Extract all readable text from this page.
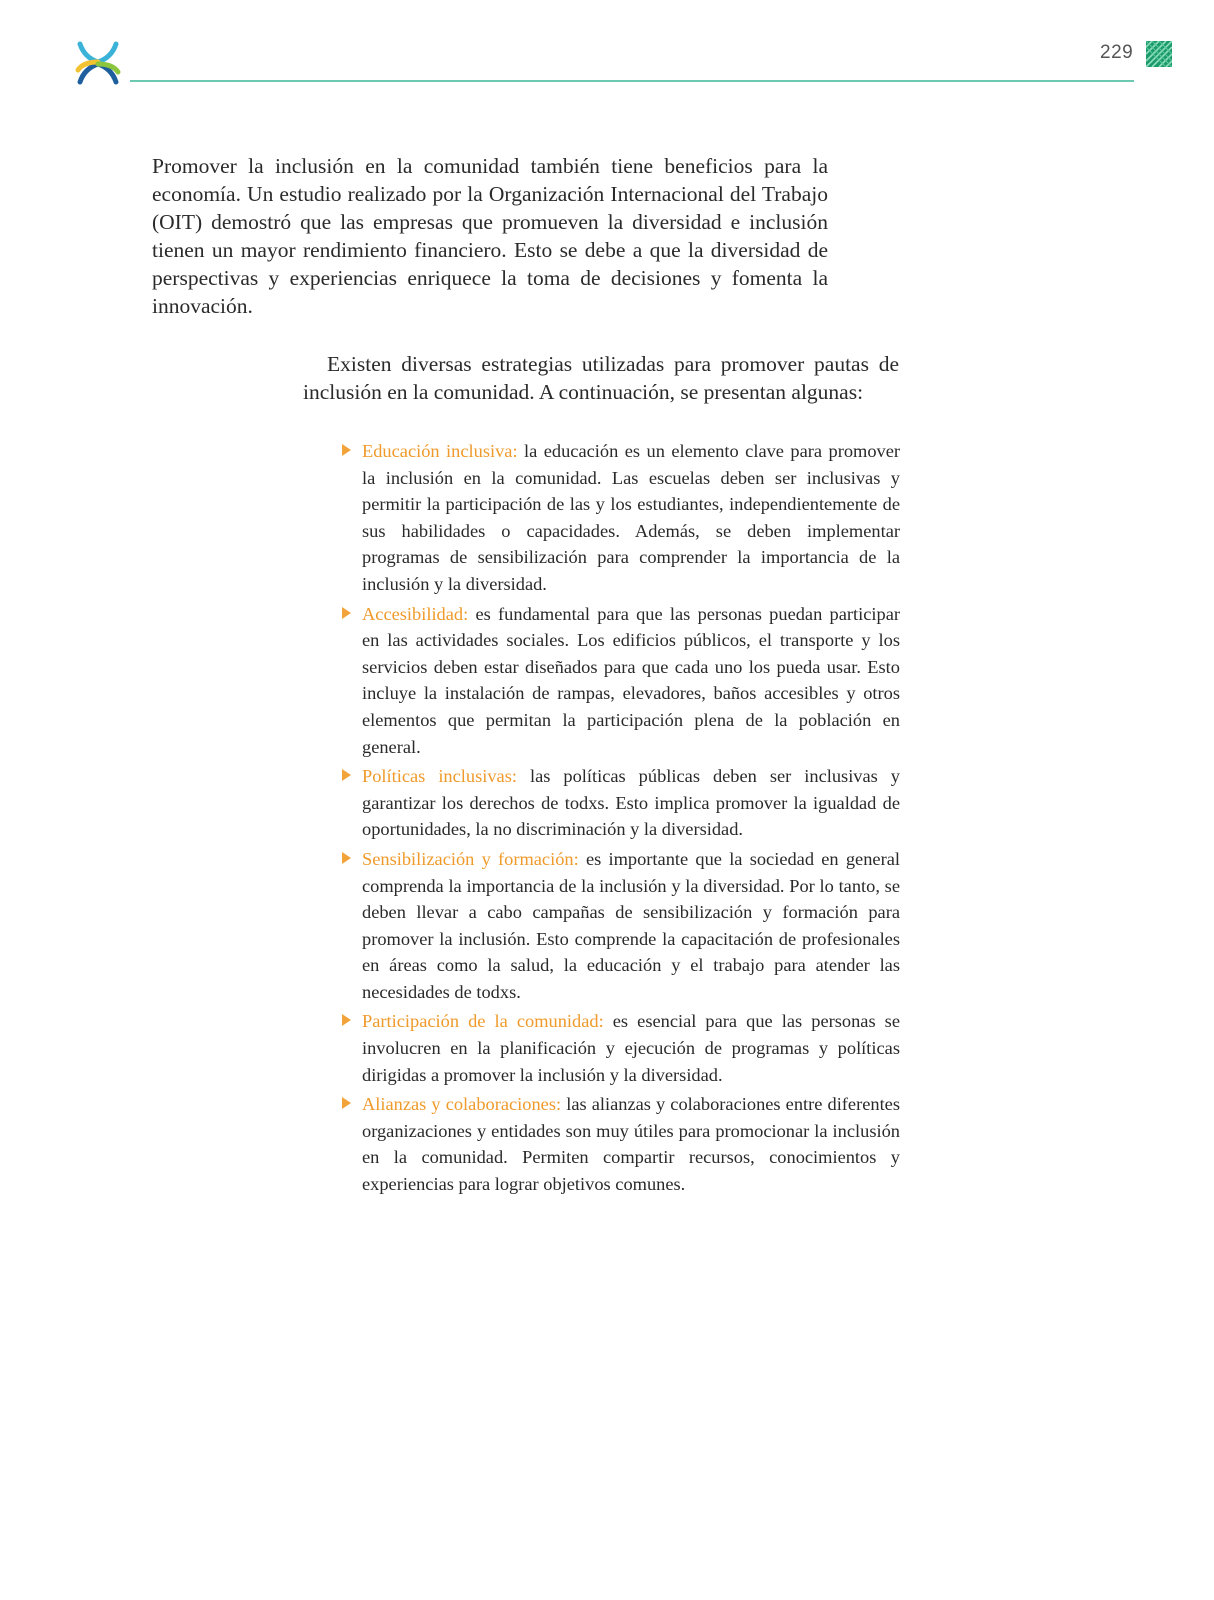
229

Promover la inclusión en la comunidad también tiene beneficios para la economía. Un estudio realizado por la Organización Internacional del Trabajo (OIT) demostró que las empresas que promueven la diversidad e inclusión tienen un mayor rendimiento financiero. Esto se debe a que la diversidad de perspectivas y experiencias enriquece la toma de decisiones y fomenta la innovación.

Existen diversas estrategias utilizadas para promover pautas de inclusión en la comunidad. A continuación, se presentan algunas:

Educación inclusiva: la educación es un elemento clave para promover la inclusión en la comunidad. Las escuelas deben ser inclusivas y permitir la participación de las y los estudiantes, independientemente de sus habilidades o capacidades. Además, se deben implementar programas de sensibilización para comprender la importancia de la inclusión y la diversidad.
Accesibilidad: es fundamental para que las personas puedan participar en las actividades sociales. Los edificios públicos, el transporte y los servicios deben estar diseñados para que cada uno los pueda usar. Esto incluye la instalación de rampas, elevadores, baños accesibles y otros elementos que permitan la participación plena de la población en general.
Políticas inclusivas: las políticas públicas deben ser inclusivas y garantizar los derechos de todxs. Esto implica promover la igualdad de oportunidades, la no discriminación y la diversidad.
Sensibilización y formación: es importante que la sociedad en general comprenda la importancia de la inclusión y la diversidad. Por lo tanto, se deben llevar a cabo campañas de sensibilización y formación para promover la inclusión. Esto comprende la capacitación de profesionales en áreas como la salud, la educación y el trabajo para atender las necesidades de todxs.
Participación de la comunidad: es esencial para que las personas se involucren en la planificación y ejecución de programas y políticas dirigidas a promover la inclusión y la diversidad.
Alianzas y colaboraciones: las alianzas y colaboraciones entre diferentes organizaciones y entidades son muy útiles para promocionar la inclusión en la comunidad. Permiten compartir recursos, conocimientos y experiencias para lograr objetivos comunes.
